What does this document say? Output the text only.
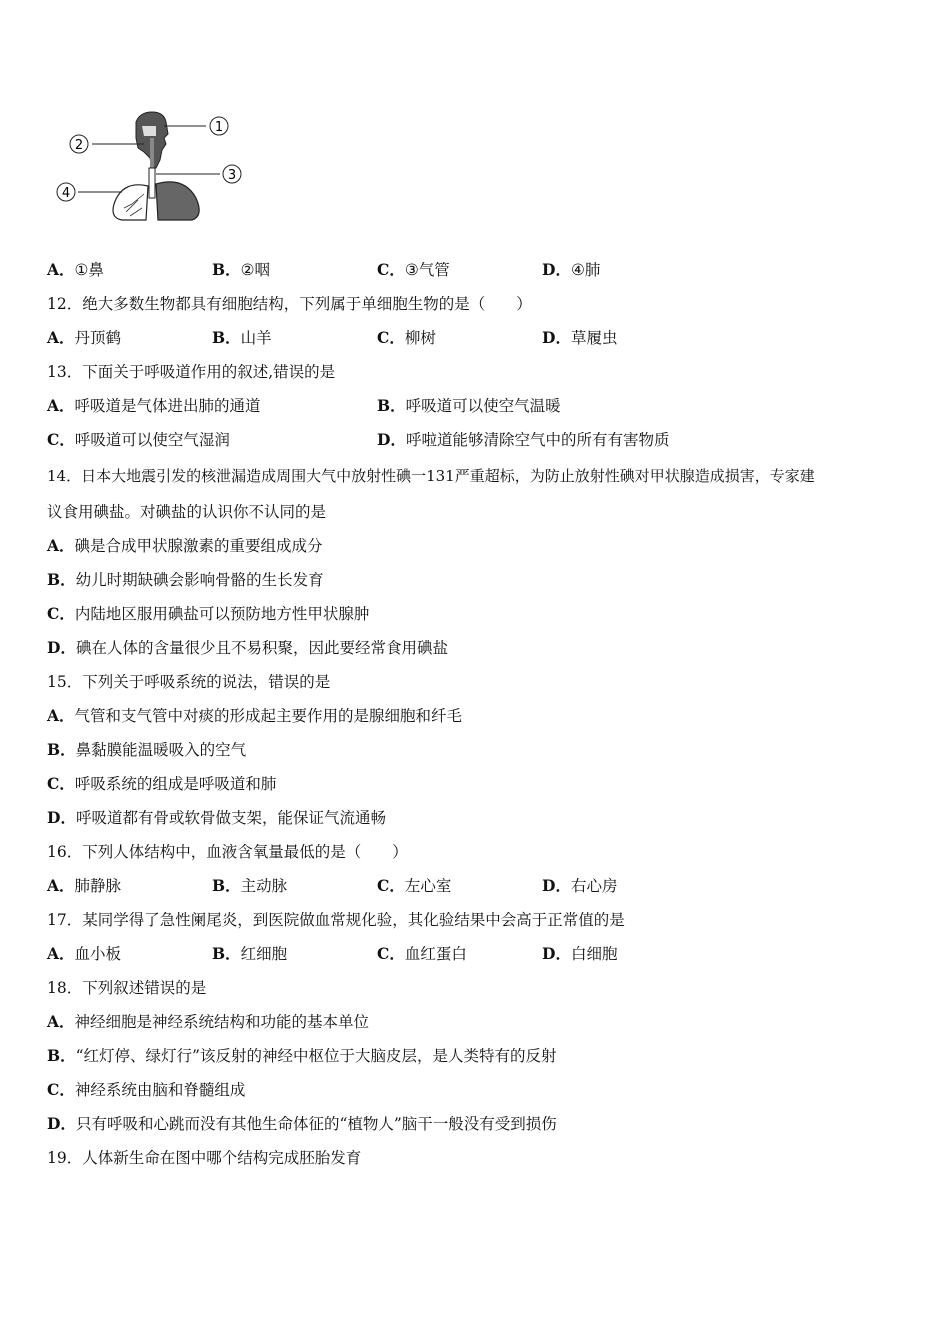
1
2
3
4
A．①鼻	B．②咽	C．③气管	D．④肺
12．绝大多数生物都具有细胞结构，下列属于单细胞生物的是（　　）
A．丹顶鹤	B．山羊	C．柳树	D．草履虫
13．下面关于呼吸道作用的叙述,错误的是
A．呼吸道是气体进出肺的通道	B．呼吸道可以使空气温暖
C．呼吸道可以使空气湿润	D．呼啦道能够清除空气中的所有有害物质
14．日本大地震引发的核泄漏造成周围大气中放射性碘一131严重超标，为防止放射性碘对甲状腺造成损害，专家建
议食用碘盐。对碘盐的认识你不认同的是
A．碘是合成甲状腺激素的重要组成成分
B．幼儿时期缺碘会影响骨骼的生长发育
C．内陆地区服用碘盐可以预防地方性甲状腺肿
D．碘在人体的含量很少且不易积聚，因此要经常食用碘盐
15．下列关于呼吸系统的说法，错误的是
A．气管和支气管中对痰的形成起主要作用的是腺细胞和纤毛
B．鼻黏膜能温暖吸入的空气
C．呼吸系统的组成是呼吸道和肺
D．呼吸道都有骨或软骨做支架，能保证气流通畅
16．下列人体结构中，血液含氧量最低的是（　　）
A．肺静脉	B．主动脉	C．左心室	D．右心房
17．某同学得了急性阑尾炎，到医院做血常规化验，其化验结果中会高于正常值的是
A．血小板	B．红细胞	C．血红蛋白	D．白细胞
18．下列叙述错误的是
A．神经细胞是神经系统结构和功能的基本单位
B．“红灯停、绿灯行”该反射的神经中枢位于大脑皮层，是人类特有的反射
C．神经系统由脑和脊髓组成
D．只有呼吸和心跳而没有其他生命体征的“植物人”脑干一般没有受到损伤
19．人体新生命在图中哪个结构完成胚胎发育
